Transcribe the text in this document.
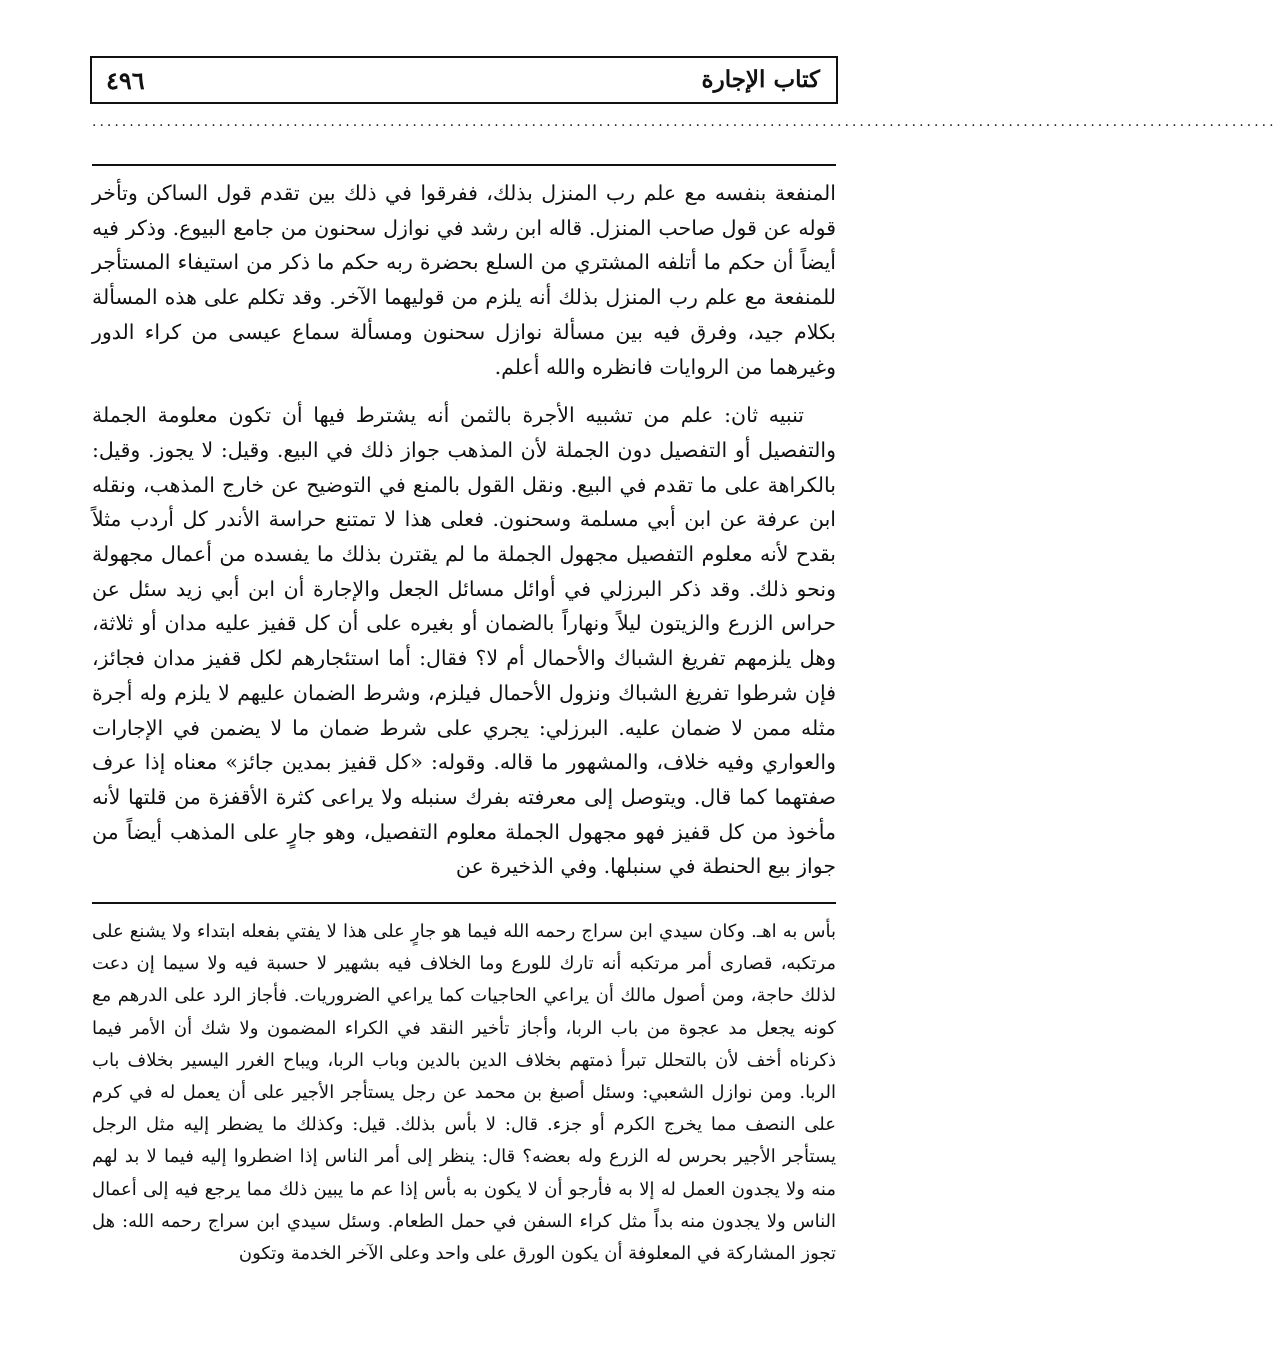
٤٩٦	كتاب الإجارة
...............................................................................................................................................................

المنفعة بنفسه مع علم رب المنزل بذلك، ففرقوا في ذلك بين تقدم قول الساكن وتأخر قوله عن قول صاحب المنزل. قاله ابن رشد في نوازل سحنون من جامع البيوع. وذكر فيه أيضاً أن حكم ما أتلفه المشتري من السلع بحضرة ربه حكم ما ذكر من استيفاء المستأجر للمنفعة مع علم رب المنزل بذلك أنه يلزم من قوليهما الآخر. وقد تكلم على هذه المسألة بكلام جيد، وفرق فيه بين مسألة نوازل سحنون ومسألة سماع عيسى من كراء الدور وغيرهما من الروايات فانظره والله أعلم.

تنبيه ثان: علم من تشبيه الأجرة بالثمن أنه يشترط فيها أن تكون معلومة الجملة والتفصيل أو التفصيل دون الجملة لأن المذهب جواز ذلك في البيع. وقيل: لا يجوز. وقيل: بالكراهة على ما تقدم في البيع. ونقل القول بالمنع في التوضيح عن خارج المذهب، ونقله ابن عرفة عن ابن أبي مسلمة وسحنون. فعلى هذا لا تمتنع حراسة الأندر كل أردب مثلاً بقدح لأنه معلوم التفصيل مجهول الجملة ما لم يقترن بذلك ما يفسده من أعمال مجهولة ونحو ذلك. وقد ذكر البرزلي في أوائل مسائل الجعل والإجارة أن ابن أبي زيد سئل عن حراس الزرع والزيتون ليلاً ونهاراً بالضمان أو بغيره على أن كل قفيز عليه مدان أو ثلاثة، وهل يلزمهم تفريغ الشباك والأحمال أم لا؟ فقال: أما استئجارهم لكل قفيز مدان فجائز، فإن شرطوا تفريغ الشباك ونزول الأحمال فيلزم، وشرط الضمان عليهم لا يلزم وله أجرة مثله ممن لا ضمان عليه. البرزلي: يجري على شرط ضمان ما لا يضمن في الإجارات والعواري وفيه خلاف، والمشهور ما قاله. وقوله: «كل قفيز بمدين جائز» معناه إذا عرف صفتهما كما قال. ويتوصل إلى معرفته بفرك سنبله ولا يراعى كثرة الأقفزة من قلتها لأنه مأخوذ من كل قفيز فهو مجهول الجملة معلوم التفصيل، وهو جارٍ على المذهب أيضاً من جواز بيع الحنطة في سنبلها. وفي الذخيرة عن

بأس به اهـ. وكان سيدي ابن سراج رحمه الله فيما هو جارٍ على هذا لا يفتي بفعله ابتداء ولا يشنع على مرتكبه، قصارى أمر مرتكبه أنه تارك للورع وما الخلاف فيه بشهير لا حسبة فيه ولا سيما إن دعت لذلك حاجة، ومن أصول مالك أن يراعي الحاجيات كما يراعي الضروريات. فأجاز الرد على الدرهم مع كونه يجعل مد عجوة من باب الربا، وأجاز تأخير النقد في الكراء المضمون ولا شك أن الأمر فيما ذكرناه أخف لأن بالتحلل تبرأ ذمتهم بخلاف الدين بالدين وباب الربا، ويباح الغرر اليسير بخلاف باب الربا. ومن نوازل الشعبي: وسئل أصبغ بن محمد عن رجل يستأجر الأجير على أن يعمل له في كرم على النصف مما يخرج الكرم أو جزء. قال: لا بأس بذلك. قيل: وكذلك ما يضطر إليه مثل الرجل يستأجر الأجير بحرس له الزرع وله بعضه؟ قال: ينظر إلى أمر الناس إذا اضطروا إليه فيما لا بد لهم منه ولا يجدون العمل له إلا به فأرجو أن لا يكون به بأس إذا عم ما يبين ذلك مما يرجع فيه إلى أعمال الناس ولا يجدون منه بداً مثل كراء السفن في حمل الطعام. وسئل سيدي ابن سراج رحمه الله: هل تجوز المشاركة في المعلوفة أن يكون الورق على واحد وعلى الآخر الخدمة وتكون
